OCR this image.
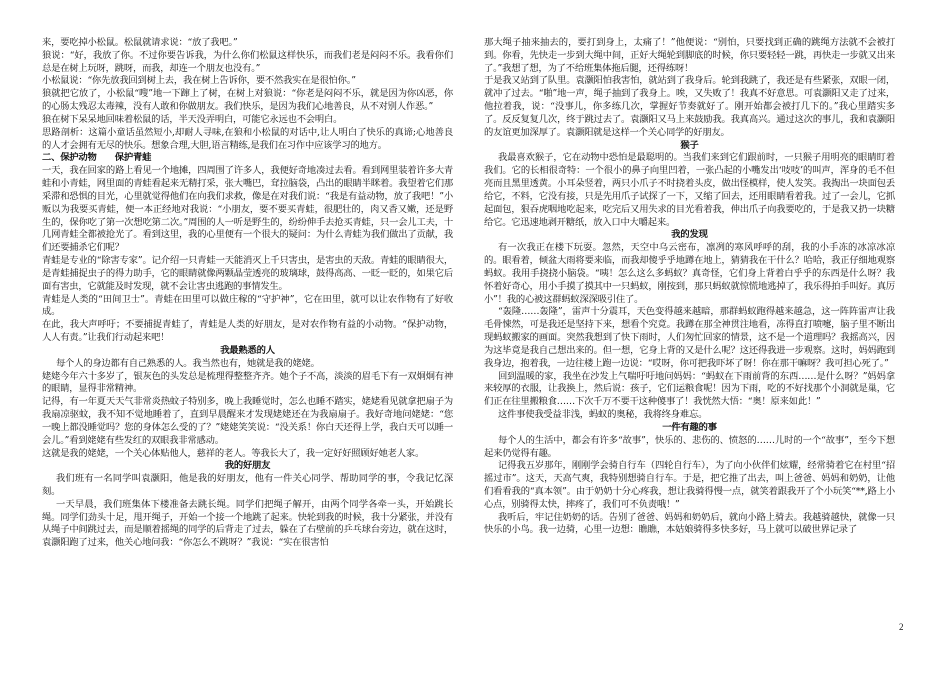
来，要吃掉小松鼠。松鼠就请求说：“放了我吧。”

狼说：“好，我放了你。不过你要告诉我，为什么你们松鼠这样快乐，而我们老是闷闷不乐。我看你们总是在树上玩呀，跳呀，而我，却连一个朋友也没有。”

小松鼠说：“你先放我回到树上去，我在树上告诉你，要不然我实在是很怕你。”

狼就把它放了，小松鼠“嗖”地一下蹿上了树，在树上对狼说：“你老是闷闷不乐，就是因为你凶恶，你的心肠太残忍太毒辣，没有人敢和你做朋友。我们快乐，是因为我们心地善良，从不对别人作恶。”

狼在树下呆呆地回味着松鼠的话，半天没弄明白，可能它永远也不会明白。

思路剖析：这篇小童话虽然短小,却耐人寻味,在狼和小松鼠的对话中,让人明白了快乐的真谛;心地善良的人才会拥有无尽的快乐。想象合理,大胆,语言精练,是我们在习作中应该学习的地方。

二、保护动物　　保护青蛙

一天，我在回家的路上看见一个地摊，四周围了许多人，我便好奇地凑过去看。看到网里装着许多大青蛙和小青蛙，网里面的青蛙看起来无精打采，张大嘴巴，耷拉脑袋，凸出的眼睛半眯着。我望着它们那采滞和恐惧的目光，心里就觉得他们在向我们求救，像是在对我们说：“我是有益动物，放了我吧！”小贩以为我要买青蛙，便一本正经地对我说：“小朋友，要不要买青蛙，很肥壮的，肉又香又嫩，还是野生的，保你吃了第一次想吃第二次。”周围的人一听是野生的，纷纷伸手去抢买青蛙，只一会儿工夫，十几网青蛙全都被抢光了。看到这里，我的心里便有一个很大的疑问：为什么青蛙为我们做出了贡献，我们还要捕杀它们呢？

青蛙是专业的“除害专家”。记介绍一只青蛙一天能消灭上千只害虫，是害虫的天敌。青蛙的眼睛很大，是青蛙捕捉虫子的得力助手，它的眼睛就像两颗晶莹透亮的玻璃球，鼓得高高、一眨一眨的，如果它后面有害虫，它就能及时发现，就不会让害虫逃跑的事情发生。

青蛙是人类的“田间卫士”。青蛙在田里可以做庄稼的“守护神”，它在田里，就可以让农作物有了好收成。

在此，我大声呼吁；不要捕捉青蛙了，青蛙是人类的好朋友，是对农作物有益的小动物。“保护动物，人人有责。”让我们行动起来吧！

我最熟悉的人

每个人的身边都有自己熟悉的人。我当然也有，她就是我的姥姥。

姥姥今年六十多岁了，银灰色的头发总是梳理得整整齐齐。她个子不高，淡淡的眉毛下有一双炯炯有神的眼睛，显得非常精神。

记得，有一年夏天天气非常炎热蚊子特别多，晚上我睡觉时，怎么也睡不踏实，姥姥看见就拿把扇子为我扇凉驱蚊，我不知不觉地睡着了，直到早晨醒来才发现姥姥还在为我扇扇子。我好奇地问姥姥：“您一晚上都没睡觉吗？您的身体怎么受的了？”姥姥笑笑说：“没关系！你白天还得上学，我白天可以睡一会儿。”看到姥姥有些发红的双眼我非常感动。

这就是我的姥姥，一个关心体贴他人，慈祥的老人。等我长大了，我一定好好照顾好她老人家。

我的好朋友

我们班有一名同学叫袁灏阳，他是我的好朋友，他有一件关心同学、帮助同学的事，令我记忆深刻。

一天早晨，我们班集体下楼准备去跳长绳。同学们把绳子解开，由两个同学各牵一头，开始跳长绳。同学们劲头十足，甩开绳子，开始一个接一个地跳了起来。快轮到我的时候，我十分紧张，并没有从绳子中间跳过去，而是顺着摇绳的同学的后背走了过去，躲在了右壁前的乒乓球台旁边，就在这时，袁灏阳跑了过来，他关心地问我：“你怎么不跳呀？”我说：“实在很害怕

那大绳子抽来抽去的，要打到身上，太痛了！”他便说：“别怕，只要找到正确的跳绳方法就不会被打到。你看，先快走一步到大绳中间，正好大绳轮到脚底的时候，你只要轻轻一跳，再快走一步就又出来了。”我想了想，为了不给班集体拖后腿，还得练呀！

于是我又站到了队里。袁灏阳怕我害怕，就站到了我身后。轮到我跳了，我还是有些紧张，双眼一闭，就冲了过去。“啪”地一声，绳子抽到了我身上。唉，又失败了！我真不好意思。可袁灏阳又走了过来，他拉着我，说：“没事儿，你多练几次，掌握好节奏就好了。刚开始都会被打几下的。”我心里踏实多了。反反复复几次，终于跳过去了。袁灏阳又马上来鼓励我。我真高兴。通过这次的事儿，我和袁灏阳的友谊更加深厚了。袁灏阳就是这样一个关心同学的好朋友。

猴子

我最喜欢猴子，它在动物中恐怕是最聪明的。当我们来到它们跟前时，一只猴子用明亮的眼睛盯着我们。它的长相很奇特：一个很小的鼻子向里凹着，一张凸起的小嘴发出‘吱吱’的叫声，浑身的毛不但亮而且黑里透黄。小耳朵竖着，两只小爪子不时挠着头皮，做出怪模样，使人发笑。我掏出一块面包丢给它，不料，它没有接，只是先用爪子试探了一下，又缩了回去，还用眼睛看着我。过了一会儿，它抓起面包，狠吞虎咽地吃起来，吃完后又用失求的目光看着我，伸出爪子向我要吃的，于是我又扔一块糖给它。它迅速地剥开糖纸，放入口中大嚼起来。

我的发现

有一次我正在楼下玩耍。忽然，天空中乌云密布，凛冽的寒风呼呼的刮，我的小手冻的冰凉冰凉的。眼看着，倾盆大雨将要来临，而我却傻乎乎地蹲在地上，猜猜我在干什么？哈哈，我正仔细地观察蚂蚁。我用手挠挠小脑袋。“咦！怎么这么多蚂蚁？真奇怪，它们身上背着白乎乎的东西是什么呀？我怀着好奇心，用小手摸了摸其中一只蚂蚁，刚按到，那只蚂蚁就惊慌地逃掉了，我乐得拍手叫好。真厉小”！我的心被这群蚂蚁深深吸引住了。

“轰隆……轰隆”，雷声十分震耳，天色变得越来越暗，那群蚂蚁跑得越来越急，这一阵阵雷声让我毛骨悚然，可是我还是坚持下来，想看个究竟。我蹲在那全神贯注地看，冻得直打喷嚏，脑子里不断出现蚂蚁搬家的画面。突然我想到了快下雨时，人们匆忙回家的情景，这不是一个道理吗？我摇高兴，因为这毕竟是我自己想出来的。但一想，它身上背的又是什么呢？这还得我进一步观察。这时，妈妈跑到我身边，抱着我，一边往楼上跑一边说：“哎呀，你可把我吓坏了呀！你在那干嘛呀？我可担心死了。”

回到温暖的家，我坐在沙发上气喘吁吁地问妈妈：“蚂蚁在下雨前背的东西……是什么呀？”妈妈拿来较厚的衣服，让我换上，然后说：孩子，它们运粮食呢！因为下雨，吃的不好找那个小洞就是巢，它们正在往里搬粮食……下次千万不要干这种傻事了！我恍然大悟：“奥！原来如此！”

这件事使我受益非浅，蚂蚁的奥秘，我将终身难忘。

一件有趣的事

每个人的生活中，都会有许多“故事”，快乐的、悲伤的、愤怒的……儿时的一个“故事”，至今下想起来仍觉得有趣。

记得我五岁那年，刚刚学会骑自行车（四轮自行车），为了向小伙伴们炫耀，经常骑着它在村里“招摇过市”。这天，天高气爽，我特别想骑自行车。于是，把它推了出去，叫上爸爸、妈妈和奶奶，让他们看看我的“真本领”。由于奶奶十分心疼我，想让我骑得慢一点，就笑着跟我开了个小玩笑“**,路上小心点，别骑得太快，摔疼了，我们可不负责哦！”

我听后，牢记住奶奶的话。告别了爸爸、妈妈和奶奶后，就向小路上骑去。我越骑越快，就像一只快乐的小鸟。我一边骑，心里一边想：瞧瞧，本姑娘骑得多快多好，马上就可以破世界记录了

2
